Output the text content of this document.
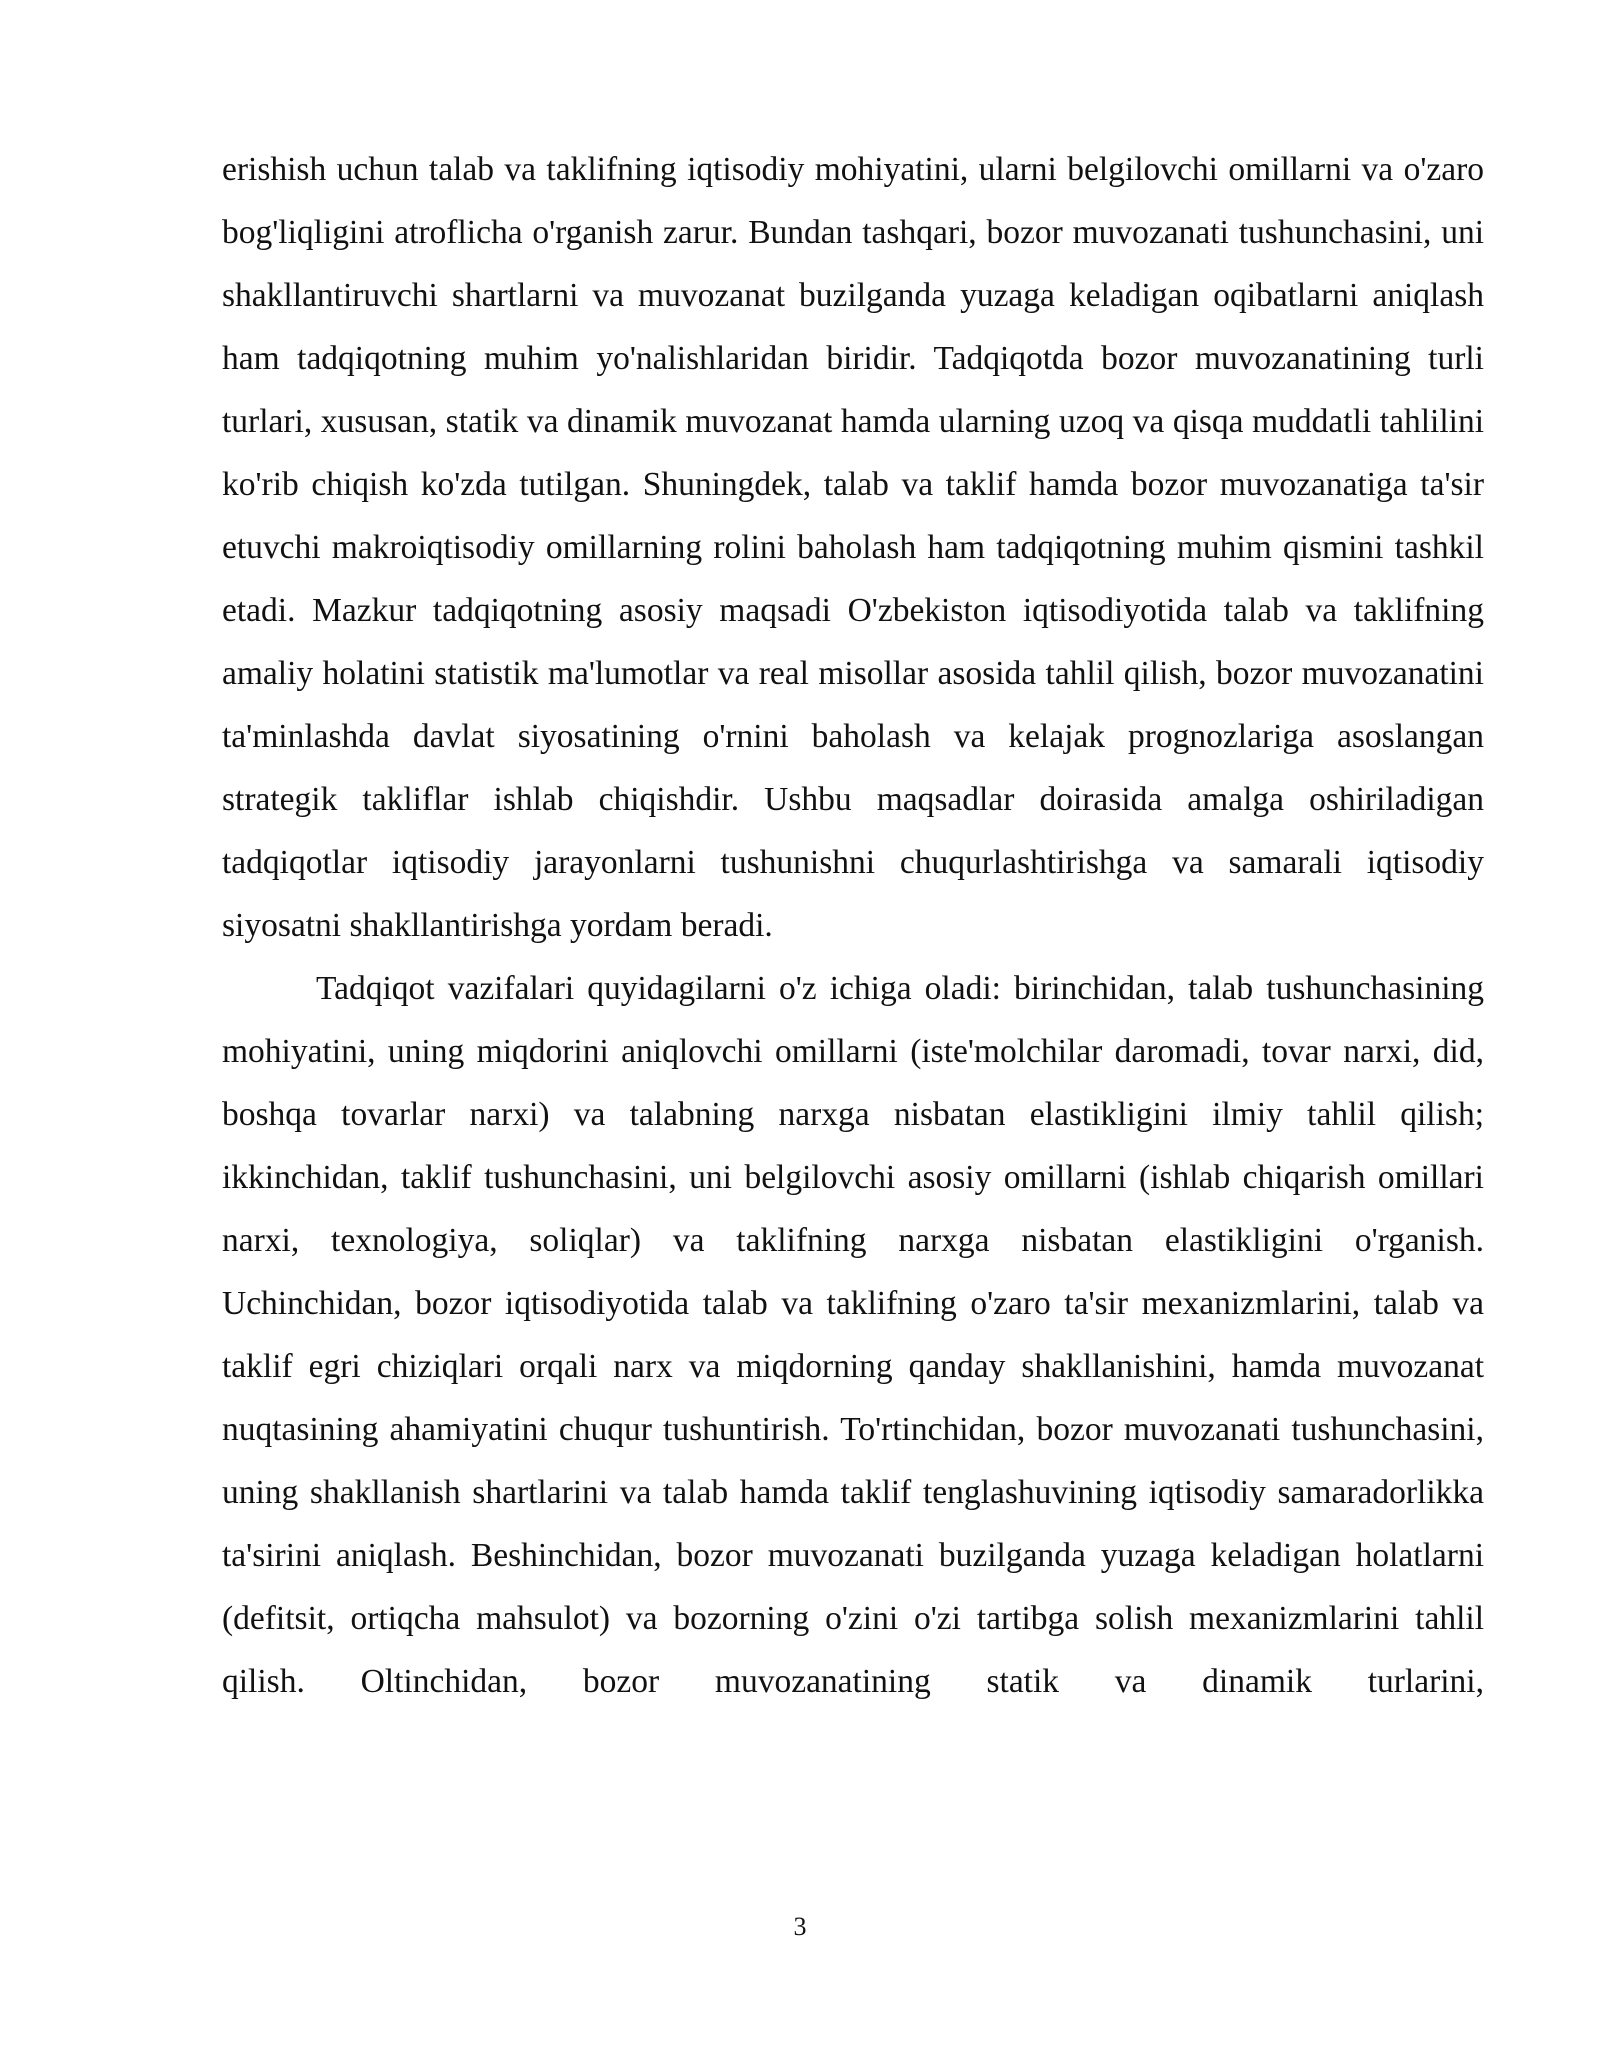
erishish uchun talab va taklifning iqtisodiy mohiyatini, ularni belgilovchi omillarni va o'zaro bog'liqligini atroflicha o'rganish zarur. Bundan tashqari, bozor muvozanati tushunchasini, uni shakllantiruvchi shartlarni va muvozanat buzilganda yuzaga keladigan oqibatlarni aniqlash ham tadqiqotning muhim yo'nalishlaridan biridir. Tadqiqotda bozor muvozanatining turli turlari, xususan, statik va dinamik muvozanat hamda ularning uzoq va qisqa muddatli tahlilini ko'rib chiqish ko'zda tutilgan. Shuningdek, talab va taklif hamda bozor muvozanatiga ta'sir etuvchi makroiqtisodiy omillarning rolini baholash ham tadqiqotning muhim qismini tashkil etadi. Mazkur tadqiqotning asosiy maqsadi O'zbekiston iqtisodiyotida talab va taklifning amaliy holatini statistik ma'lumotlar va real misollar asosida tahlil qilish, bozor muvozanatini ta'minlashda davlat siyosatining o'rnini baholash va kelajak prognozlariga asoslangan strategik takliflar ishlab chiqishdir. Ushbu maqsadlar doirasida amalga oshiriladigan tadqiqotlar iqtisodiy jarayonlarni tushunishni chuqurlashtirishga va samarali iqtisodiy siyosatni shakllantirishga yordam beradi.

Tadqiqot vazifalari quyidagilarni o'z ichiga oladi: birinchidan, talab tushunchasining mohiyatini, uning miqdorini aniqlovchi omillarni (iste'molchilar daromadi, tovar narxi, did, boshqa tovarlar narxi) va talabning narxga nisbatan elastikligini ilmiy tahlil qilish; ikkinchidan, taklif tushunchasini, uni belgilovchi asosiy omillarni (ishlab chiqarish omillari narxi, texnologiya, soliqlar) va taklifning narxga nisbatan elastikligini o'rganish. Uchinchidan, bozor iqtisodiyotida talab va taklifning o'zaro ta'sir mexanizmlarini, talab va taklif egri chiziqlari orqali narx va miqdorning qanday shakllanishini, hamda muvozanat nuqtasining ahamiyatini chuqur tushuntirish. To'rtinchidan, bozor muvozanati tushunchasini, uning shakllanish shartlarini va talab hamda taklif tenglashuvining iqtisodiy samaradorlikka ta'sirini aniqlash. Beshinchidan, bozor muvozanati buzilganda yuzaga keladigan holatlarni (defitsit, ortiqcha mahsulot) va bozorning o'zini o'zi tartibga solish mexanizmlarini tahlil qilish. Oltinchidan, bozor muvozanatining statik va dinamik turlarini,

3
